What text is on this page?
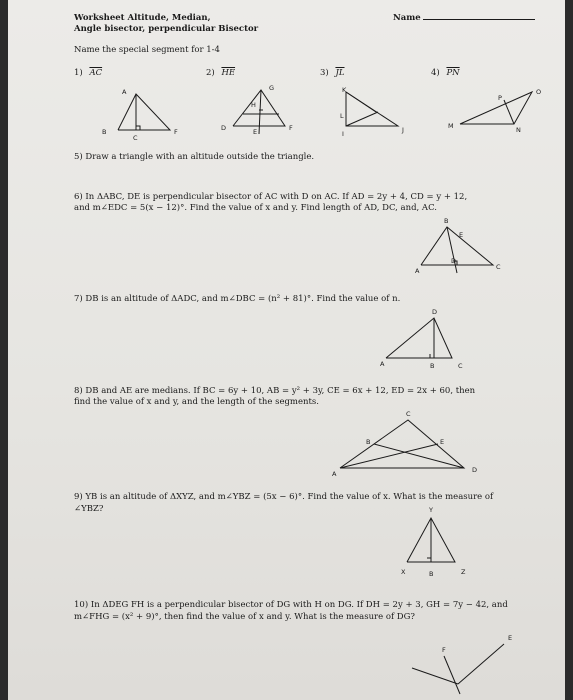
Worksheet Altitude, Median,
Angle bisector, perpendicular Bisector
Name
Name the special segment for 1-4
1) $\overline{AC}$	2) $\overline{HE}$	3) $\overline{JL}$	4) $\overline{PN}$
A
B
C
F
G
H
D	E	F
K
L
I	J
P
O
M	N
5) Draw a triangle with an altitude outside the triangle.
6) In ΔABC, DE is perpendicular bisector of AC with D on AC. If AD = 2y + 4, CD = y + 12,
and m∠EDC = 5(x − 12)°. Find the value of x and y. Find length of AD, DC, and, AC.
B
E
A
D
C
7) DB is an altitude of ΔADC, and m∠DBC = (n² + 81)°. Find the value of n.
D
A	B	C
8) DB and AE are medians. If BC = 6y + 10, AB = y² + 3y, CE = 6x + 12, ED = 2x + 60, then
find the value of x and y, and the length of the segments.
C
B	E
A	D
9) YB is an altitude of ΔXYZ, and m∠YBZ = (5x − 6)°. Find the value of x. What is the measure of
∠YBZ?	Y
X	B	Z
10) In ΔDEG FH is a perpendicular bisector of DG with H on DG. If DH = 2y + 3, GH = 7y − 42, and
m∠FHG = (x² + 9)°, then find the value of x and y. What is the measure of DG?
E
F
